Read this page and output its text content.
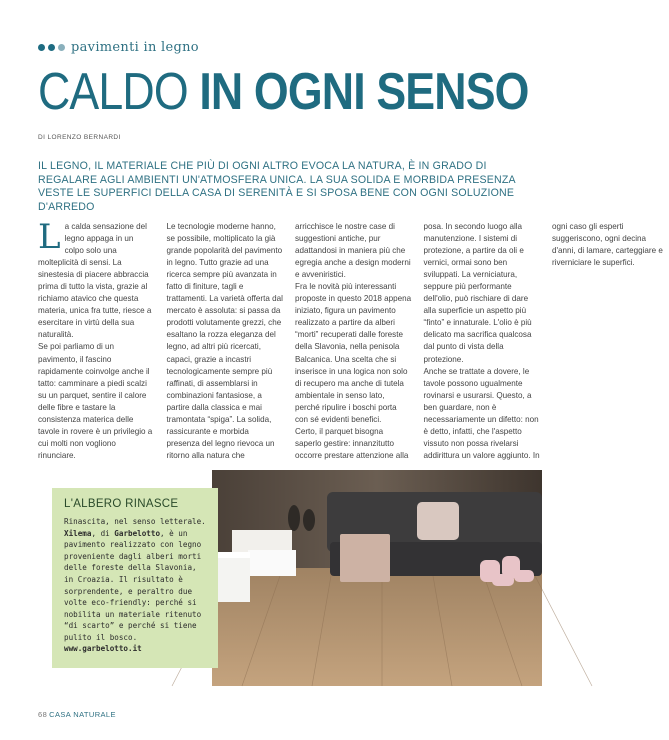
pavimenti in legno
CALDO IN OGNI SENSO
DI LORENZO BERNARDI

IL LEGNO, IL MATERIALE CHE PIÙ DI OGNI ALTRO EVOCA LA NATURA, È IN GRADO DI REGALARE AGLI AMBIENTI UN'ATMOSFERA UNICA. LA SUA SOLIDA E MORBIDA PRESENZA VESTE LE SUPERFICI DELLA CASA DI SERENITÀ E SI SPOSA BENE CON OGNI SOLUZIONE D'ARREDO

La calda sensazione del legno appaga in un colpo solo una molteplicità di sensi. La sinestesia di piacere abbraccia prima di tutto la vista, grazie al richiamo atavico che questa materia, unica fra tutte, riesce a esercitare in virtù della sua naturalità.

Se poi parliamo di un pavimento, il fascino rapidamente coinvolge anche il tatto: camminare a piedi scalzi su un parquet, sentire il calore delle fibre e tastare la consistenza materica delle tavole in rovere è un privilegio a cui molti non vogliono rinunciare.

Le tecnologie moderne hanno, se possibile, moltiplicato la già grande popolarità del pavimento in legno. Tutto grazie ad una ricerca sempre più avanzata in fatto di finiture, tagli e trattamenti. La varietà offerta dal mercato è assoluta: si passa da prodotti volutamente grezzi, che esaltano la rozza eleganza del legno, ad altri più ricercati, capaci, grazie a incastri tecnologicamente sempre più raffinati, di assemblarsi in combinazioni fantasiose, a partire dalla classica e mai tramontata “spiga”. La solida, rassicurante e morbida presenza del legno rievoca un ritorno alla natura che arricchisce le nostre case di suggestioni antiche, pur adattandosi in maniera più che egregia anche a design moderni e avveniristici.

Fra le novità più interessanti proposte in questo 2018 appena iniziato, figura un pavimento realizzato a partire da alberi “morti” recuperati dalle foreste della Slavonia, nella penisola Balcanica. Una scelta che si inserisce in una logica non solo di recupero ma anche di tutela ambientale in senso lato, perché ripulire i boschi porta con sé evidenti benefici.

Certo, il parquet bisogna saperlo gestire: innanzitutto occorre prestare attenzione alla posa. In secondo luogo alla manutenzione. I sistemi di protezione, a partire da oli e vernici, ormai sono ben sviluppati. La verniciatura, seppure più performante dell'olio, può rischiare di dare alla superficie un aspetto più “finto” e innaturale. L'olio è più delicato ma sacrifica qualcosa dal punto di vista della protezione.

Anche se trattate a dovere, le tavole possono ugualmente rovinarsi e usurarsi. Questo, a ben guardare, non è necessariamente un difetto: non è detto, infatti, che l'aspetto vissuto non possa rivelarsi addirittura un valore aggiunto. In ogni caso gli esperti suggeriscono, ogni decina d'anni, di lamare, carteggiare e riverniciare le superfici.

L'ALBERO RINASCE

Rinascita, nel senso letterale. Xilema, di Garbelotto, è un pavimento realizzato con legno proveniente dagli alberi morti delle foreste della Slavonia, in Croazia. Il risultato è sorprendente, e peraltro due volte eco-friendly: perché si nobilita un materiale ritenuto “di scarto” e perché si tiene pulito il bosco.

www.garbelotto.it
68 CASA NATURALE
